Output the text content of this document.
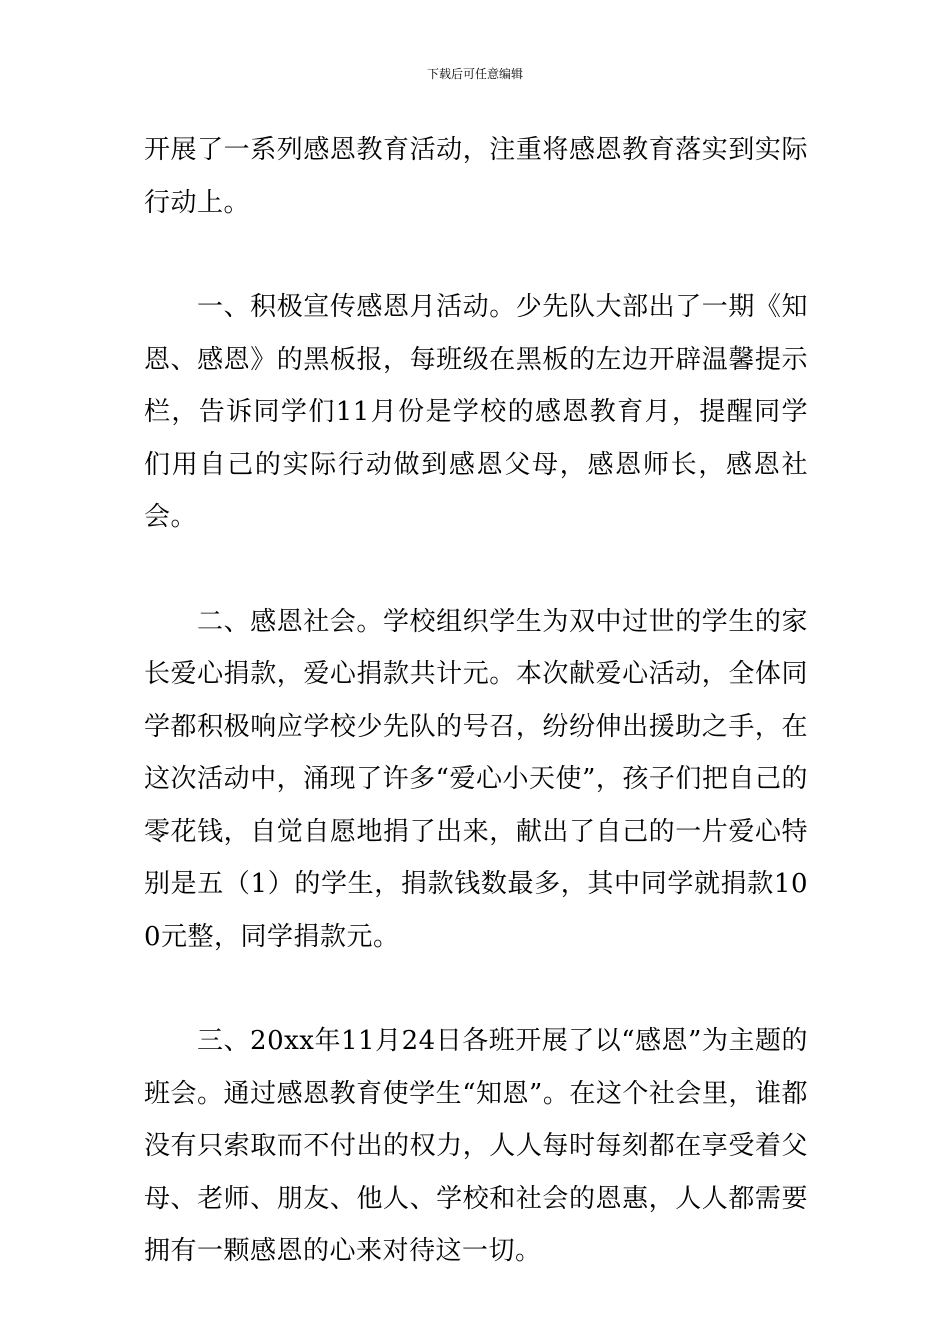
下载后可任意编辑

开展了一系列感恩教育活动，注重将感恩教育落实到实际行动上。

一、积极宣传感恩月活动。少先队大部出了一期《知恩、感恩》的黑板报，每班级在黑板的左边开辟温馨提示栏，告诉同学们11月份是学校的感恩教育月，提醒同学们用自己的实际行动做到感恩父母，感恩师长，感恩社会。

二、感恩社会。学校组织学生为双中过世的学生的家长爱心捐款，爱心捐款共计元。本次献爱心活动，全体同学都积极响应学校少先队的号召，纷纷伸出援助之手，在这次活动中，涌现了许多“爱心小天使”，孩子们把自己的零花钱，自觉自愿地捐了出来，献出了自己的一片爱心特别是五（1）的学生，捐款钱数最多，其中同学就捐款100元整，同学捐款元。

三、20xx年11月24日各班开展了以“感恩”为主题的班会。通过感恩教育使学生“知恩”。在这个社会里，谁都没有只索取而不付出的权力，人人每时每刻都在享受着父母、老师、朋友、他人、学校和社会的恩惠，人人都需要拥有一颗感恩的心来对待这一切。
